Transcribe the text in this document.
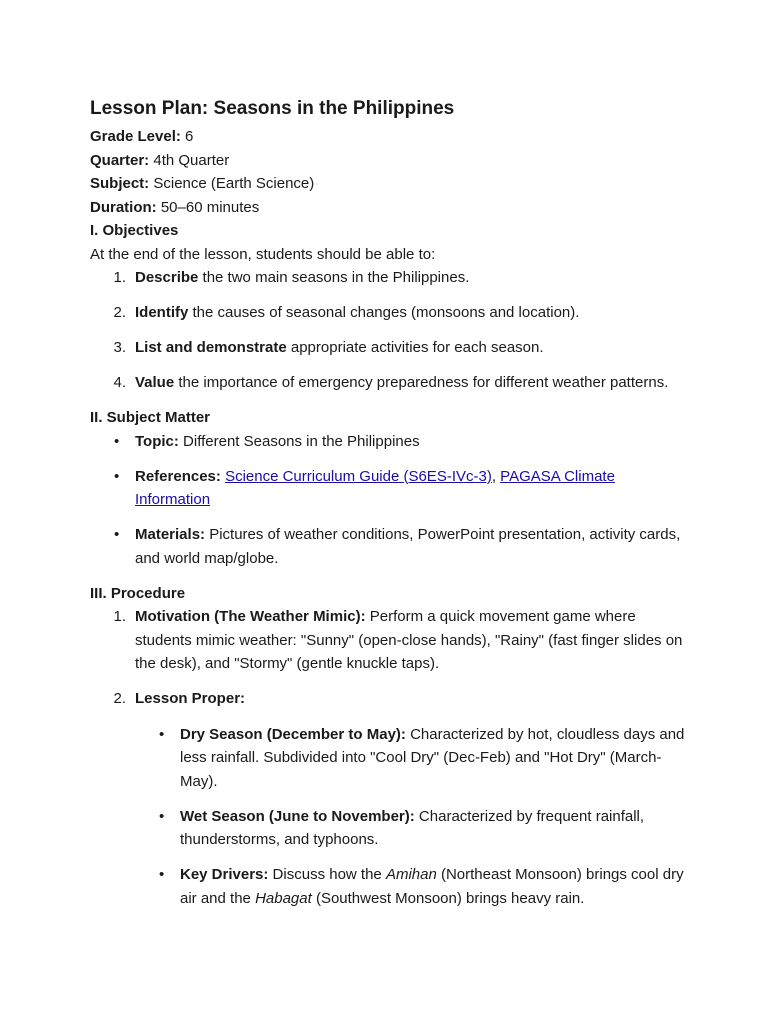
Lesson Plan: Seasons in the Philippines

Grade Level: 6

Quarter: 4th Quarter

Subject: Science (Earth Science)

Duration: 50–60 minutes

I. Objectives

At the end of the lesson, students should be able to:

1. Describe the two main seasons in the Philippines.
2. Identify the causes of seasonal changes (monsoons and location).
3. List and demonstrate appropriate activities for each season.
4. Value the importance of emergency preparedness for different weather patterns.

II. Subject Matter

• Topic: Different Seasons in the Philippines
• References: Science Curriculum Guide (S6ES-IVc-3), PAGASA Climate Information
• Materials: Pictures of weather conditions, PowerPoint presentation, activity cards, and world map/globe.

III. Procedure

1. Motivation (The Weather Mimic): Perform a quick movement game where students mimic weather: "Sunny" (open-close hands), "Rainy" (fast finger slides on the desk), and "Stormy" (gentle knuckle taps).
2. Lesson Proper:
• Dry Season (December to May): Characterized by hot, cloudless days and less rainfall. Subdivided into "Cool Dry" (Dec-Feb) and "Hot Dry" (March-May).
• Wet Season (June to November): Characterized by frequent rainfall, thunderstorms, and typhoons.
• Key Drivers: Discuss how the Amihan (Northeast Monsoon) brings cool dry air and the Habagat (Southwest Monsoon) brings heavy rain.
